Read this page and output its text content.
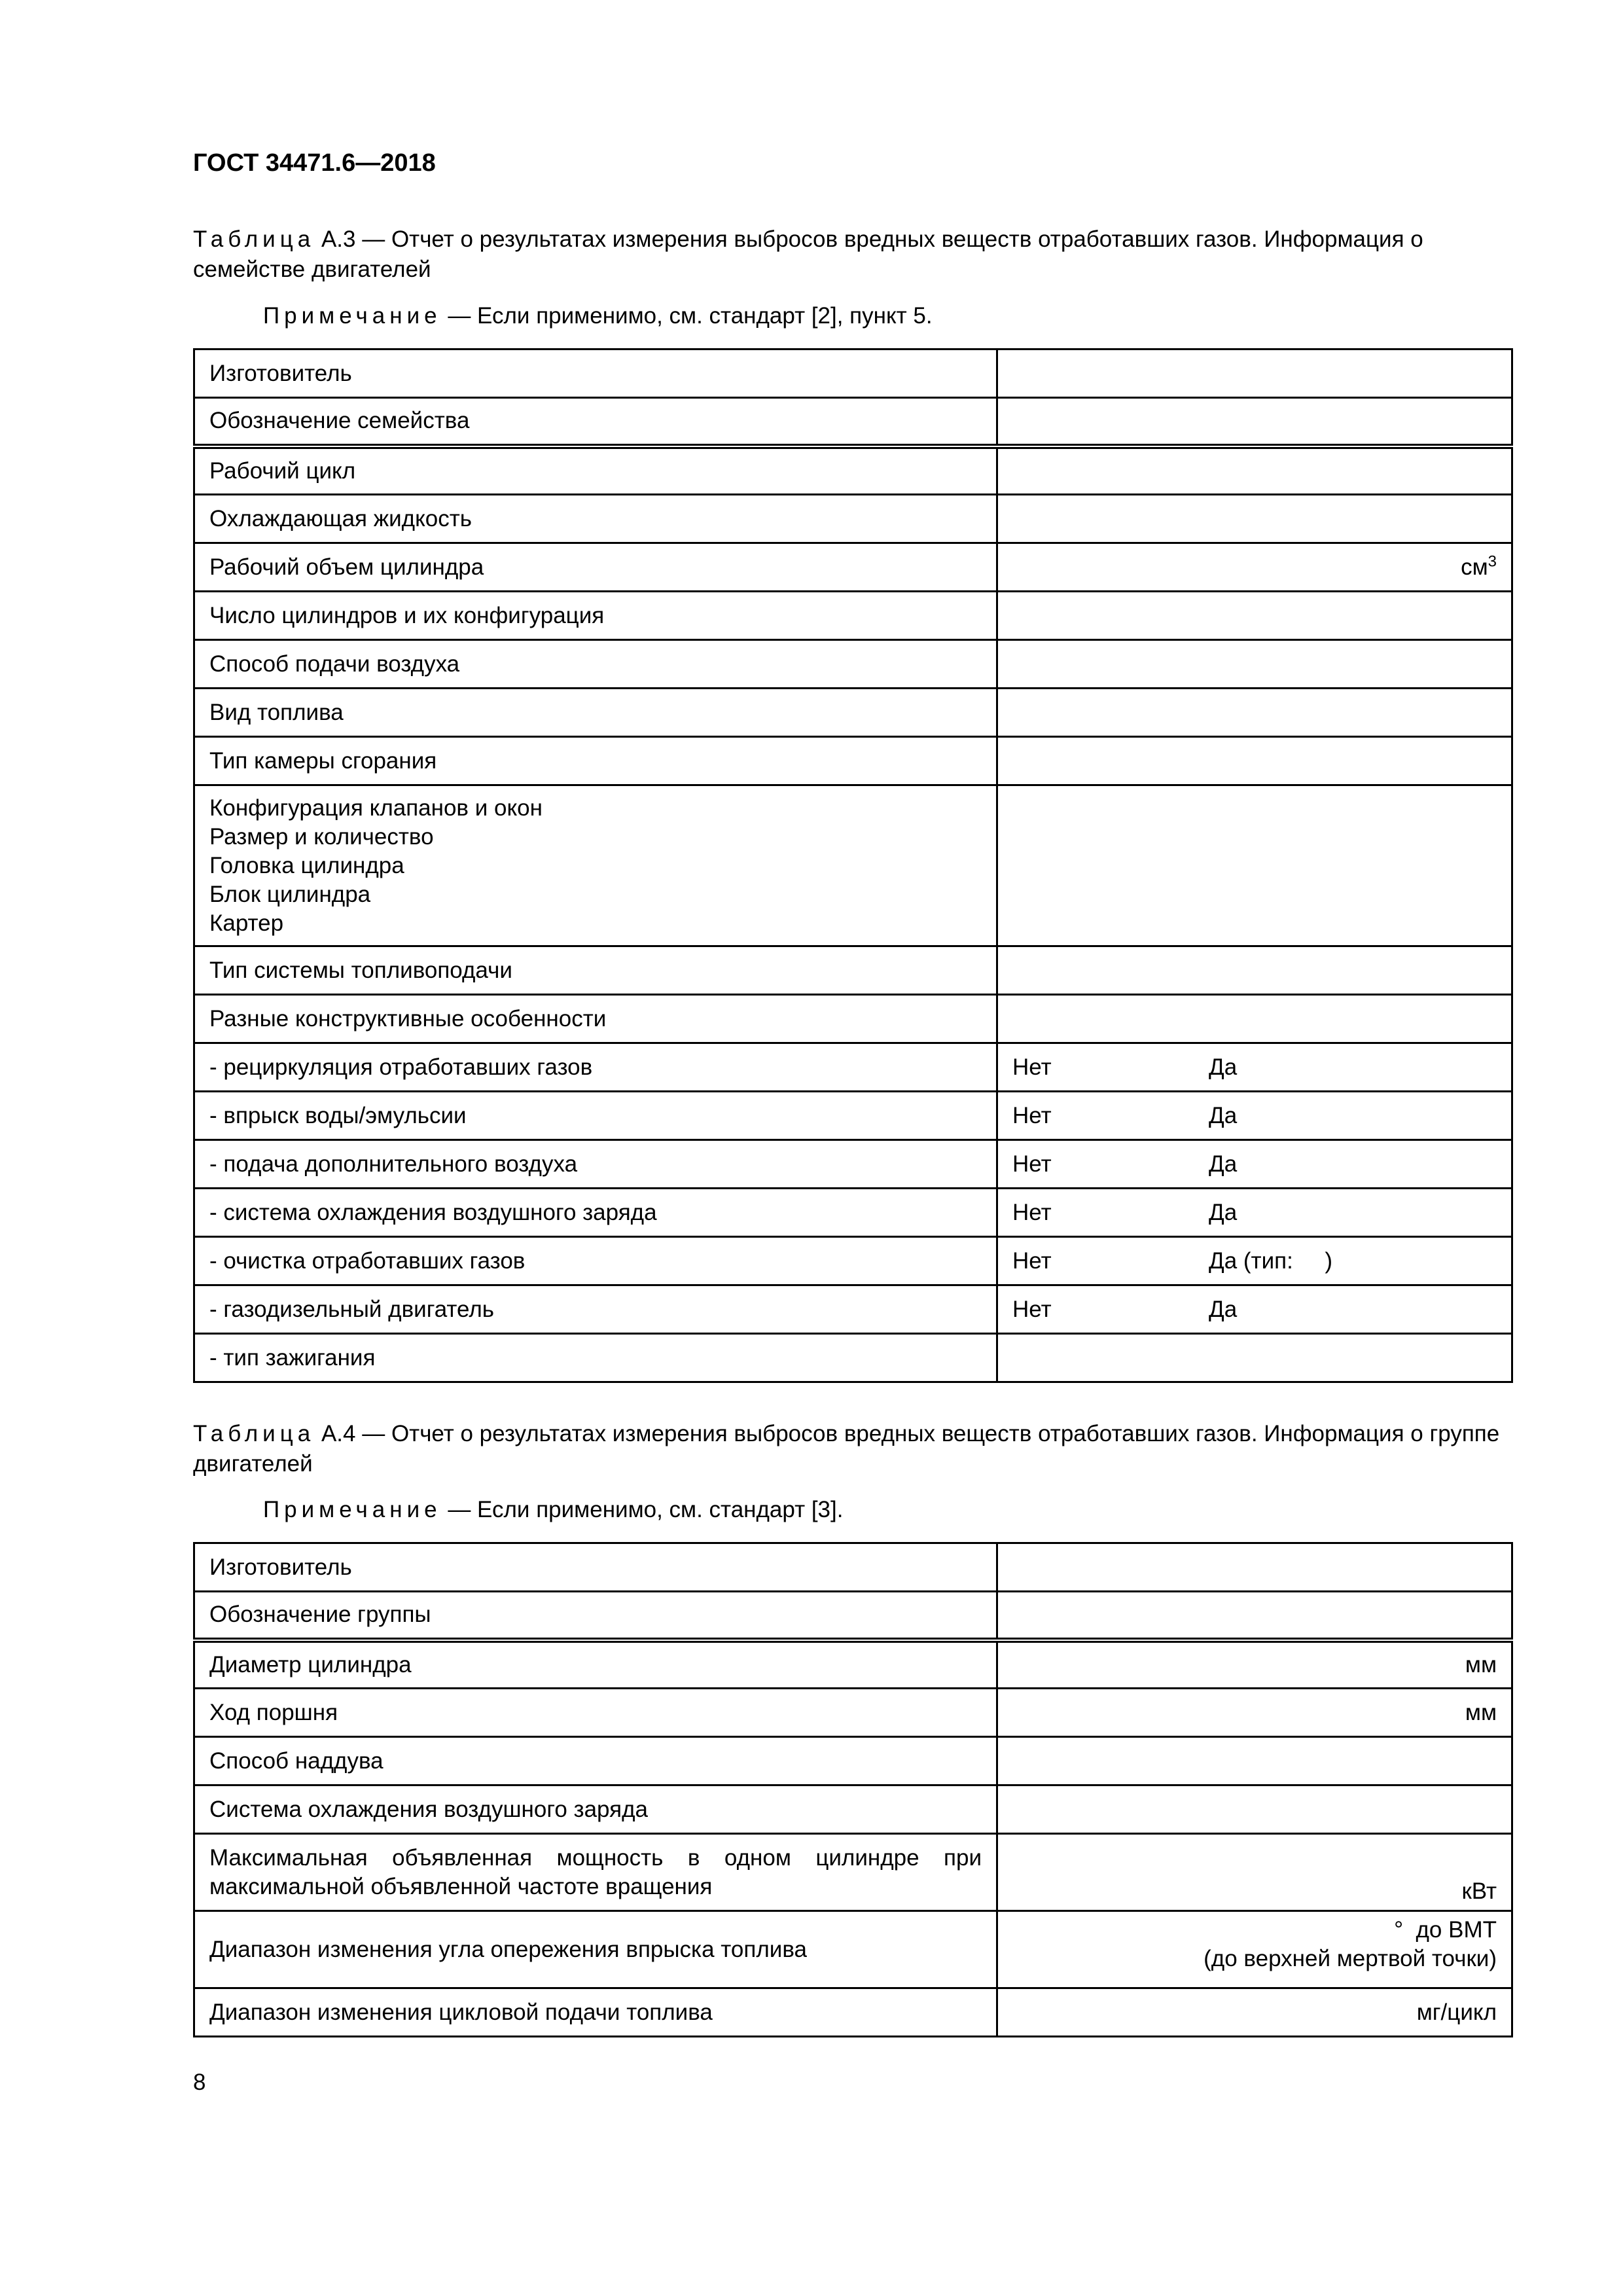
ГОСТ 34471.6—2018

Таблица А.3 — Отчет о результатах измерения выбросов вредных веществ отработавших газов. Информация о семействе двигателей

Примечание — Если применимо, см. стандарт [2], пункт 5.

Изготовитель	
Обозначение семейства	
Рабочий цикл	
Охлаждающая жидкость	
Рабочий объем цилиндра	$см^3$
Число цилиндров и их конфигурация	
Способ подачи воздуха	
Вид топлива	
Тип камеры сгорания	

Конфигурация клапанов и окон
Размер и количество
Головка цилиндра
Блок цилиндра
Картер	

Тип системы топливоподачи	
Разные конструктивные особенности	
- рециркуляция отработавших газов	Нет Да
- впрыск воды/эмульсии	Нет Да
- подача дополнительного воздуха	Нет Да
- система охлаждения воздушного заряда	Нет Да
- очистка отработавших газов	Нет Да (тип:     )
- газодизельный двигатель	Нет Да
- тип зажигания	

Таблица А.4 — Отчет о результатах измерения выбросов вредных веществ отработавших газов. Информация о группе двигателей

Примечание — Если применимо, см. стандарт [3].

Изготовитель	
Обозначение группы	
Диаметр цилиндра	мм
Ход поршня	мм
Способ наддува	
Система охлаждения воздушного заряда	
Максимальная объявленная мощность в одном цилиндре при максимальной объявленной частоте вращения	кВт
Диапазон изменения угла опережения впрыска топлива	°  до ВМТ
(до верхней мертвой точки)

Диапазон изменения цикловой подачи топлива	мг/цикл
8
